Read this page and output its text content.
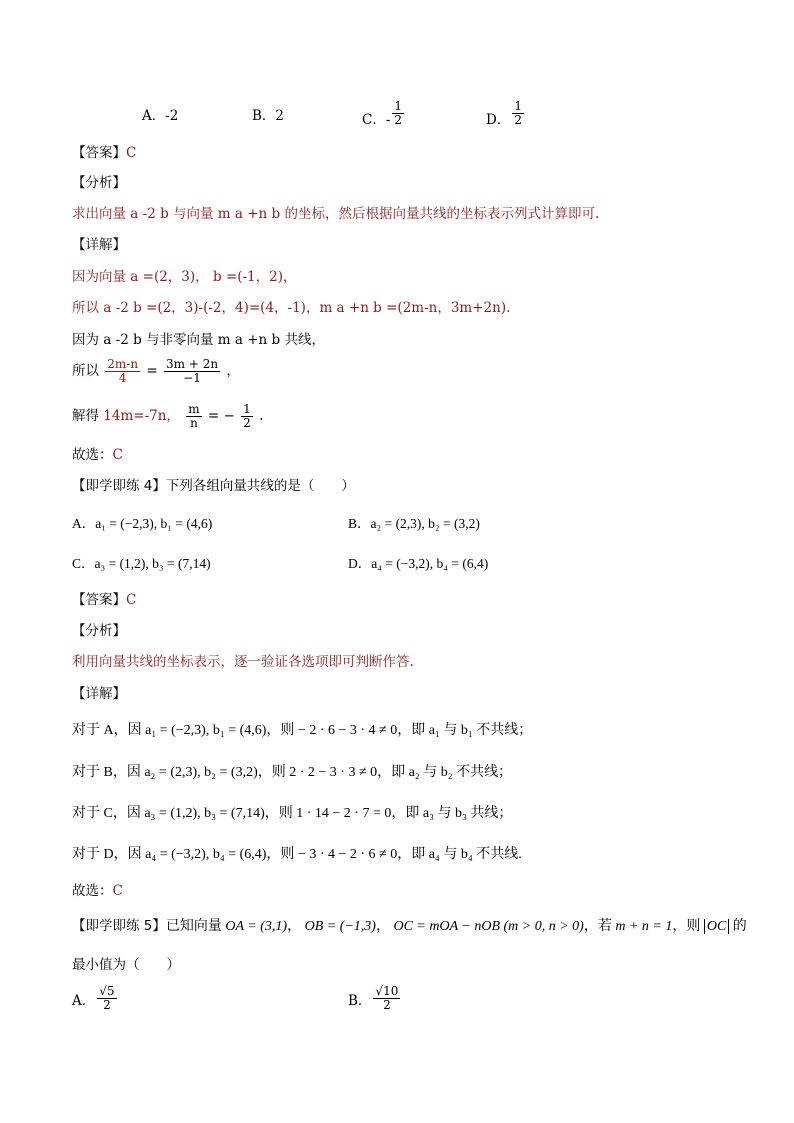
A．-2	B．2	C．- $\frac{1}{2}$	D． $\frac{1}{2}$
【答案】C
【分析】
求出向量 a -2 b 与向量 m a +n b 的坐标，然后根据向量共线的坐标表示列式计算即可.
【详解】
因为向量 a =(2，3)， b =(-1，2)，
所以 a -2 b =(2，3)-(-2，4)=(4，-1)，m a +n b =(2m-n，3m+2n).
因为 a -2 b 与非零向量 m a +n b 共线，
所以 $\frac{2m-n}{4} = \frac{3m + 2n}{-1}$ ，
解得 14m=-7n， $\frac{m}{n}$ = − $\frac{1}{2}$ .
故选：C
【即学即练 4】下列各组向量共线的是（　　）
A．a₁ = (−2,3), b₁ = (4,6)	B．a₂ = (2,3), b₂ = (3,2)
C．a₃ = (1,2), b₃ = (7,14)	D．a₄ = (−3,2), b₄ = (6,4)
【答案】C
【分析】
利用向量共线的坐标表示，逐一验证各选项即可判断作答.
【详解】
对于 A，因 a₁ = (−2,3), b₁ = (4,6)，则 − 2 · 6 − 3 · 4 ≠ 0，即 a₁ 与 b₁ 不共线；
对于 B，因 a₂ = (2,3), b₂ = (3,2)，则 2 · 2 − 3 · 3 ≠ 0，即 a₂ 与 b₂ 不共线；
对于 C，因 a₃ = (1,2), b₃ = (7,14)，则 1 · 14 − 2 · 7 = 0，即 a₃ 与 b₃ 共线；
对于 D，因 a₄ = (−3,2), b₄ = (6,4)，则 − 3 · 4 − 2 · 6 ≠ 0，即 a₄ 与 b₄ 不共线.
故选：C
【即学即练 5】已知向量 OA = (3,1)， OB = (−1,3)， OC = mOA − nOB (m > 0, n > 0)，若 m + n = 1，则 OC 的
最小值为（　　）
A． $\frac{√5}{2}$	B． $\frac{√10}{2}$
